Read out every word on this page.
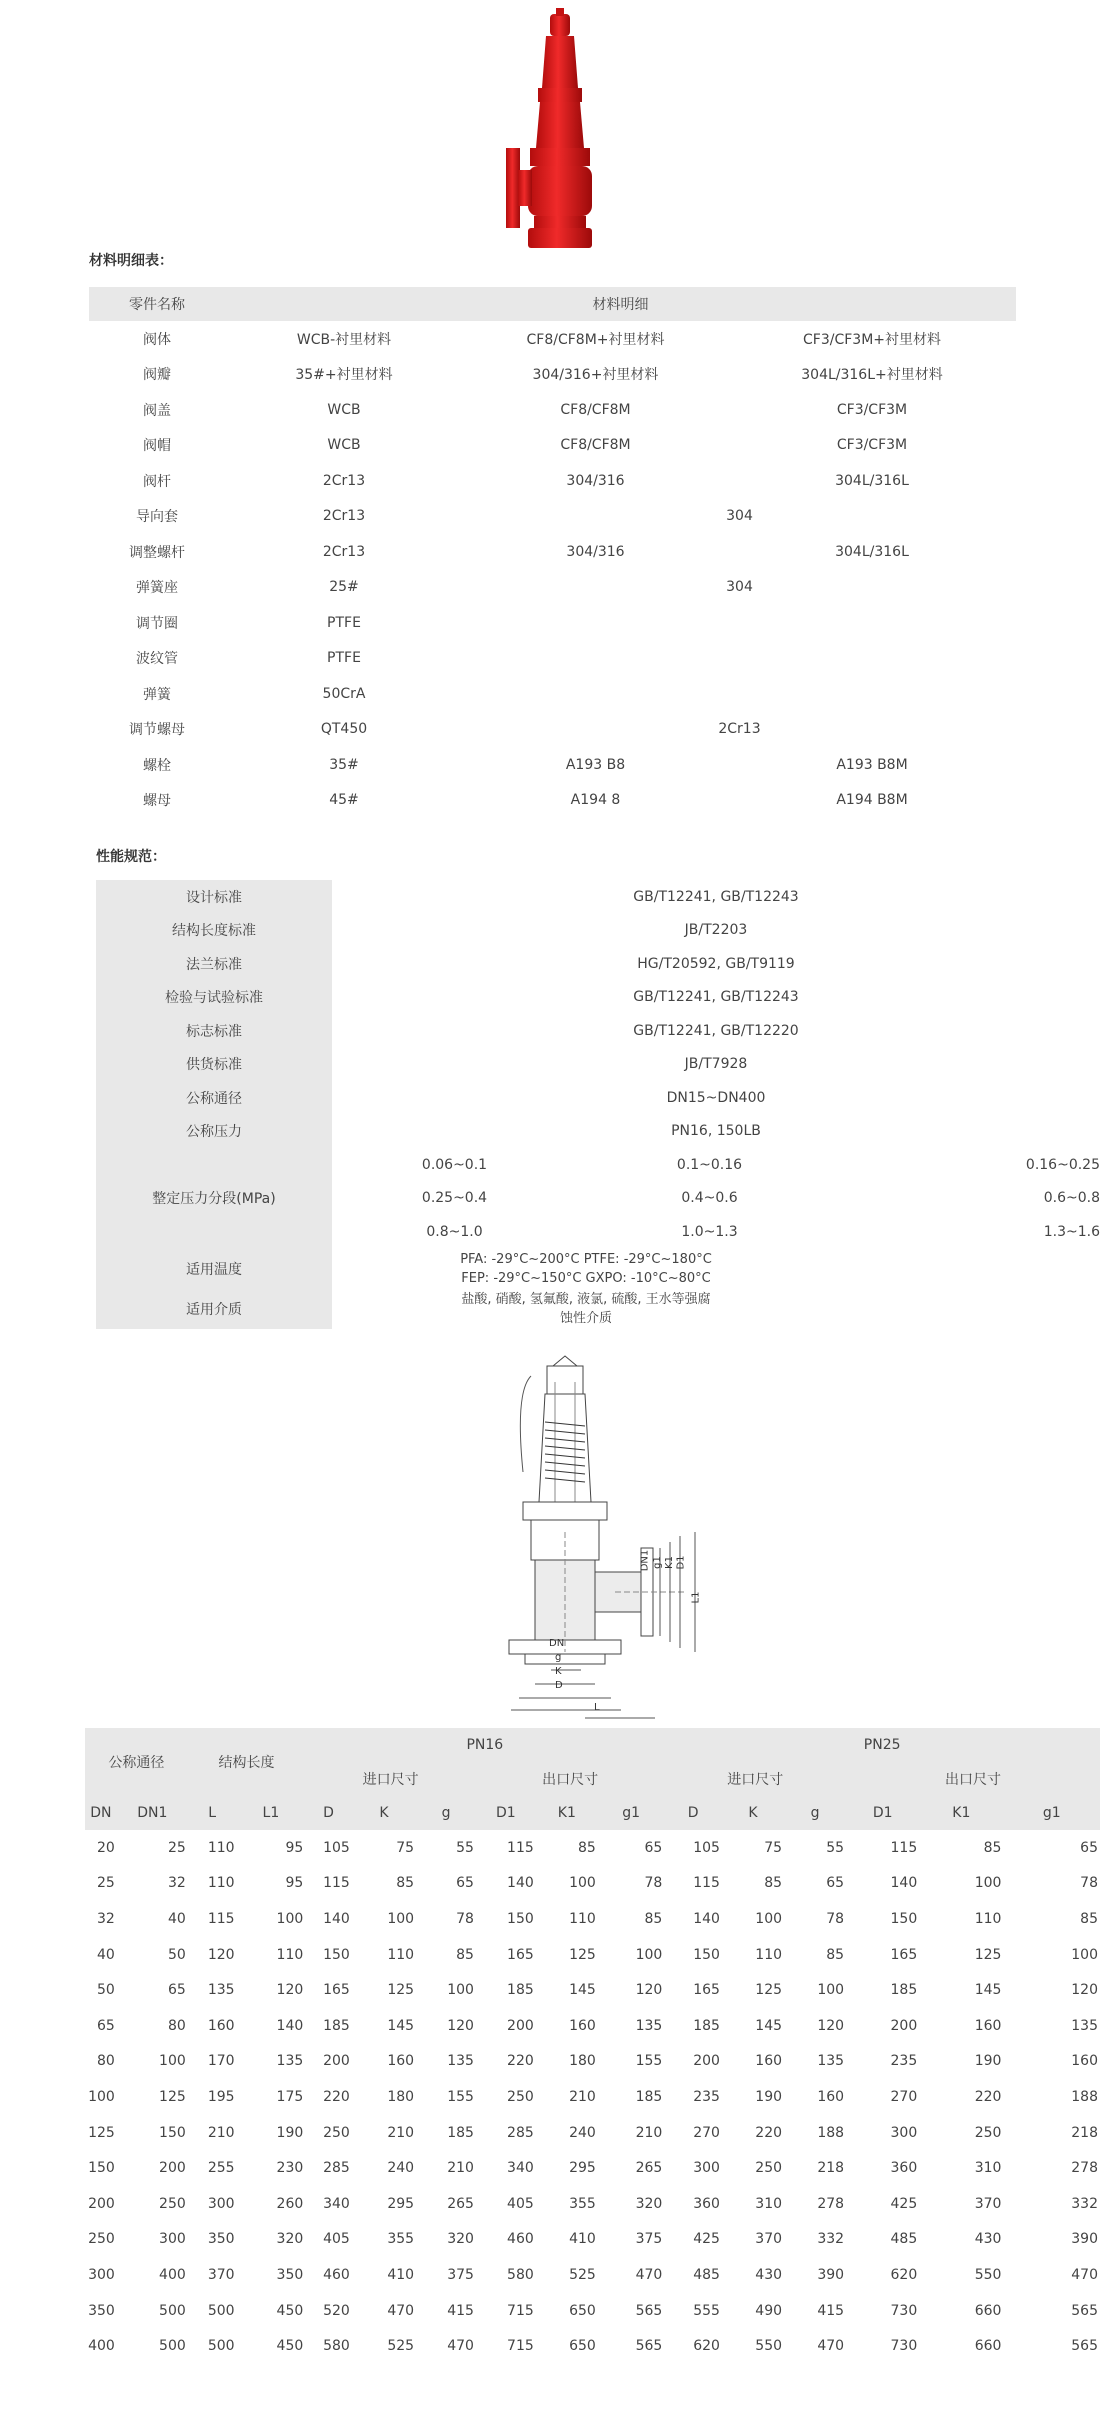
材料明细表：
零件名称	材料明细		
阀体	WCB-衬里材料	CF8/CF8M+衬里材料	CF3/CF3M+衬里材料
阀瓣	35#+衬里材料	304/316+衬里材料	304L/316L+衬里材料
阀盖	WCB	CF8/CF8M	CF3/CF3M
阀帽	WCB	CF8/CF8M	CF3/CF3M
阀杆	2Cr13	304/316	304L/316L
导向套	2Cr13	304	
调整螺杆	2Cr13	304/316	304L/316L
弹簧座	25#	304	
调节圈	PTFE		
波纹管	PTFE		
弹簧	50CrA		
调节螺母	QT450	2Cr13	
螺栓	35#	A193 B8	A193 B8M
螺母	45#	A194 8	A194 B8M
性能规范：
设计标准	GB/T12241, GB/T12243		
结构长度标准	JB/T2203		
法兰标准	HG/T20592, GB/T9119		
检验与试验标准	GB/T12241, GB/T12243		
标志标准	GB/T12241, GB/T12220		
供货标准	JB/T7928		
公称通径	DN15~DN400		
公称压力	PN16, 150LB		
整定压力分段(MPa)	0.06~0.1	0.1~0.16	0.16~0.25
	0.25~0.4	0.4~0.6	0.6~0.8
	0.8~1.0	1.0~1.3	1.3~1.6
适用温度	PFA: -29°C~200°C PTFE: -29°C~180°C
FEP: -29°C~150°C GXPO: -10°C~80°C		

适用介质	盐酸, 硝酸, 氢氟酸, 液氯, 硫酸, 王水等强腐
蚀性介质		
DN1 g1 K1 D1
L1
DN
g
K
D
L
公称通径		结构长度		PN16						PN25					
				进口尺寸			出口尺寸			进口尺寸			出口尺寸		
DN	DN1	L	L1	D	K	g	D1	K1	g1	D	K	g	D1	K1	g1
20	25	110	95	105	75	55	115	85	65	105	75	55	115	85	65
25	32	110	95	115	85	65	140	100	78	115	85	65	140	100	78
32	40	115	100	140	100	78	150	110	85	140	100	78	150	110	85
40	50	120	110	150	110	85	165	125	100	150	110	85	165	125	100
50	65	135	120	165	125	100	185	145	120	165	125	100	185	145	120
65	80	160	140	185	145	120	200	160	135	185	145	120	200	160	135
80	100	170	135	200	160	135	220	180	155	200	160	135	235	190	160
100	125	195	175	220	180	155	250	210	185	235	190	160	270	220	188
125	150	210	190	250	210	185	285	240	210	270	220	188	300	250	218
150	200	255	230	285	240	210	340	295	265	300	250	218	360	310	278
200	250	300	260	340	295	265	405	355	320	360	310	278	425	370	332
250	300	350	320	405	355	320	460	410	375	425	370	332	485	430	390
300	400	370	350	460	410	375	580	525	470	485	430	390	620	550	470
350	500	500	450	520	470	415	715	650	565	555	490	415	730	660	565
400	500	500	450	580	525	470	715	650	565	620	550	470	730	660	565
